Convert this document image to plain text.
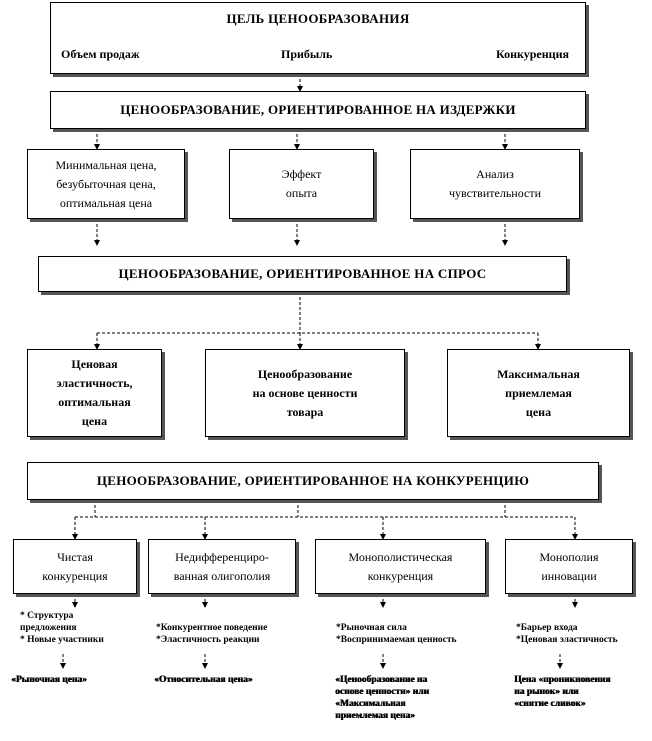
ЦЕЛЬ ЦЕНООБРАЗОВАНИЯ
Объем продаж	Прибыль	Конкуренция
ЦЕНООБРАЗОВАНИЕ, ОРИЕНТИРОВАННОЕ НА ИЗДЕРЖКИ
Минимальная цена,
безубыточная цена,
оптимальная цена
Эффект
опыта
Анализ
чувствительности
ЦЕНООБРАЗОВАНИЕ, ОРИЕНТИРОВАННОЕ НА СПРОС
Ценовая
эластичность,
оптимальная
цена
Ценообразование
на основе ценности
товара
Максимальная
приемлемая
цена
ЦЕНООБРАЗОВАНИЕ, ОРИЕНТИРОВАННОЕ НА КОНКУРЕНЦИЮ
Чистая
конкуренция
Недифференциро-
ванная олигополия
Монополистическая
конкуренция
Монополия
инновации
* Структура
предложения
* Новые участники
*Конкурентное поведение
*Эластичность реакции
*Рыночная сила
*Воспринимаемая ценность
*Барьер входа
*Ценовая эластичность
«Рыночная цена»	«Относительная цена»	«Ценообразование на
основе ценности» или
«Максимальная
приемлемая цена»
Цена «проникновения
на рынок» или
«снятие сливок»
